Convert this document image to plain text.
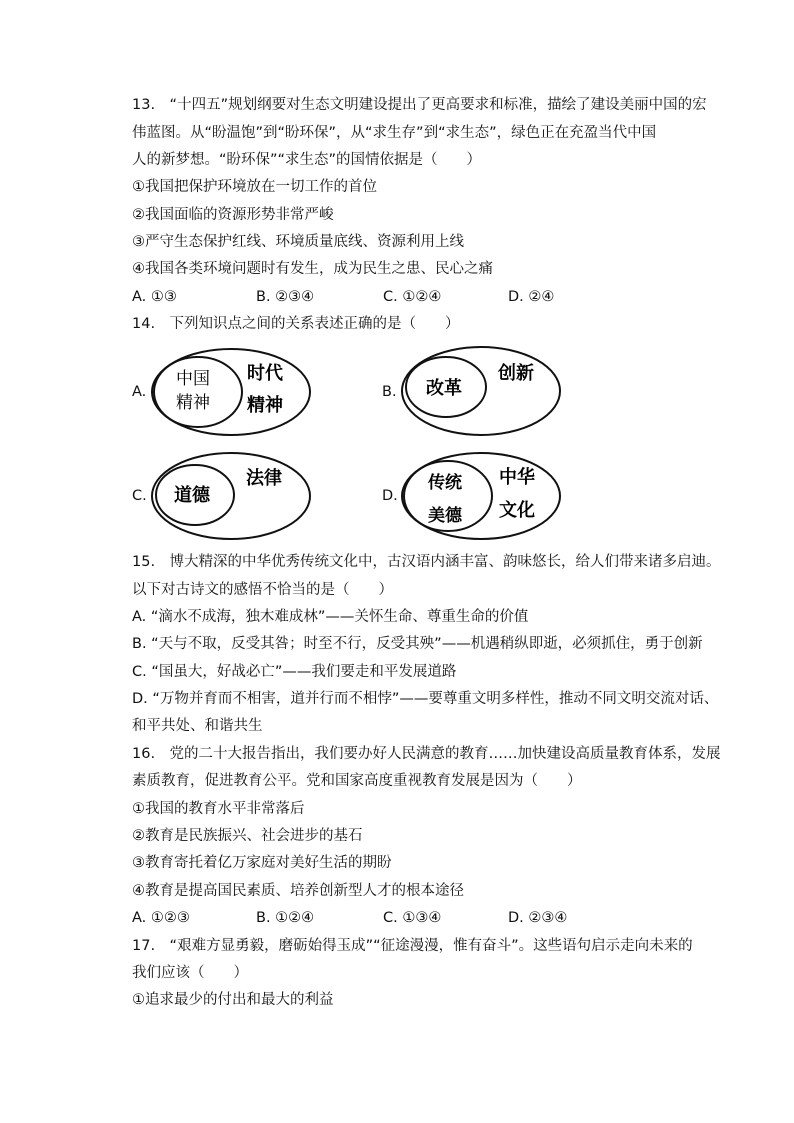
13.　“十四五”规划纲要对生态文明建设提出了更高要求和标准，描绘了建设美丽中国的宏
伟蓝图。从“盼温饱”到“盼环保”，从“求生存”到“求生态”，绿色正在充盈当代中国
人的新梦想。“盼环保”“求生态”的国情依据是（　　）
①我国把保护环境放在一切工作的首位
②我国面临的资源形势非常严峻
③严守生态保护红线、环境质量底线、资源利用上线
④我国各类环境问题时有发生，成为民生之患、民心之痛
A. ①③	B. ②③④	C. ①②④	D. ②④
14.　下列知识点之间的关系表述正确的是（　　）
A.
中国
精神
时代
精神
B. 改革
创新
C. 道德
法律
D.
传统
美德
中华
文化
15.　博大精深的中华优秀传统文化中，古汉语内涵丰富、韵味悠长，给人们带来诸多启迪。
以下对古诗文的感悟不恰当的是（　　）
A. “滴水不成海，独木难成林”——关怀生命、尊重生命的价值
B. “天与不取，反受其咎；时至不行，反受其殃”——机遇稍纵即逝，必须抓住，勇于创新
C. “国虽大，好战必亡”——我们要走和平发展道路
D. “万物并育而不相害，道并行而不相悖”——要尊重文明多样性，推动不同文明交流对话、
和平共处、和谐共生
16.　党的二十大报告指出，我们要办好人民满意的教育……加快建设高质量教育体系，发展
素质教育，促进教育公平。党和国家高度重视教育发展是因为（　　）
①我国的教育水平非常落后
②教育是民族振兴、社会进步的基石
③教育寄托着亿万家庭对美好生活的期盼
④教育是提高国民素质、培养创新型人才的根本途径
A. ①②③	B. ①②④	C. ①③④	D. ②③④
17.　“艰难方显勇毅，磨砺始得玉成”“征途漫漫，惟有奋斗”。这些语句启示走向未来的
我们应该（　　）
①追求最少的付出和最大的利益
